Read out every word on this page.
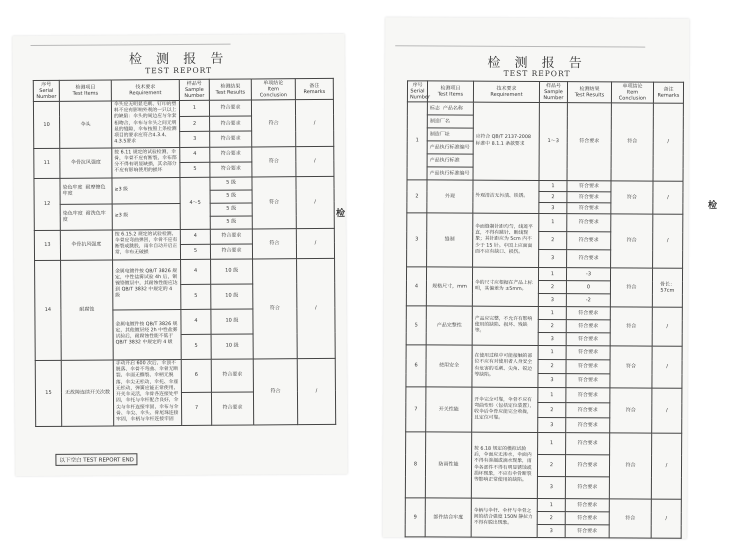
检 测 报 告
TEST REPORT
序号
Serial
Number	检测项目
Test Items	技术要求
Requirement	样品号
Sample
Number	检测结果
Test Results	单项结论
Item
Conclusion	备注
Remarks
10	伞头	伞头应无明显毛刺、钉印的塑料不应有影响外观的一只以上的缺陷：伞头的周边应与伞套相吻合，伞布与伞头之间无明显的缝隙，伞布按照上条检测项目的要求应符合4.3.4、4.3.5要求	1	符合要求	符合	/
			2	符合要求		
			3	符合要求		
11	伞骨抗风强度	按 6.11 规定的试验检测，伞骨，伞骨不应有断裂，伞布部分不得有明显缺损，其余部分不应有影响使用的损坏	4	符合要求	符合	/
			5	符合要求		
12	染色牢度 耐摩擦色牢度	≥3 级	4～5	5 级	符合	/
				5 级		
	染色牢度 耐洗色牢度	≥3 级		5 级		
				5 级		
13	伞骨抗风强度	按 6.15.2 规定的试验检测，伞骨应弯曲弹回，伞骨不应有断裂或跳股，雨伞自动开启正常，伞布无破损	4	符合要求	符合	/
			5	符合要求		
14	耐腐蚀	金属电镀件按 QB/T 3826 规定，中性盐雾试验 4h 后，铜镍铬镀层中，其耐蚀性能应达到 QB/T 3832 中规定的 4 级	4	10 级	符合	/
			5	10 级		
		金属电镀件按 QB/T 3826 规定，其他镀层经 2h 中性盐雾试验后，耐腐蚀性能不低于 QB/T 3832 中规定的 4 级	4	10 级		
			5	10 级		
15	无故障连续开关次数	手动开启 600 次后，伞顶不脱落、伞骨不弯曲、伞骨无断裂、伞面无撕裂、伞柄无脱落，伞尖无松动，伞托、伞座无松动，弹簧应能正常使用，开关伞灵活，伞骨各连接处牢固，伞托与伞杆配合良好，伞尖与伞杆连接牢固，伞布与伞骨、伞尖、伞头、骨尾珠连接牢固，伞柄与伞杆连接牢固	6	符合要求	符合	/
			7	符合要求		
以下空白 TEST REPORT END
检 测 报 告
TEST REPORT
序号
Serial
Number	检测项目
Test Items	技术要求
Requirement	样品号
Sample
Number	检测结果
Test Results	单项结论
Item
Conclusion	备注
Remarks
1	标志 产品名称	应符合 QB/T 2137-2008 标准中 8.1.1 条款要求	1～3	符合要求	符合	/
	制造厂名					
	制造厂址					
	产品执行标准编号					
	产品执行标准					
	产品执行标准编号					
2	外观	外观清洁无污渍、铁锈。	1	符合要求	符合	/
			2	符合要求		
			3	符合要求		
3	缝制	伞面缝制针距均匀，线迹平直，不得有跳针、断线现象；其针距应为 5cm 内不少于 15 针。中国上应面面面不应有缺口、损伤。	1	符合要求	符合	/
			2	符合要求		
			3	符合要求		
4	规格尺寸，mm	伞的尺寸应根据在产品上标明，其偏差为 ±5mm。	1	-3	符合	骨长：57cm
			2	0		
			3	-2		
5	产品完整性	产品应完整，不允许有影响使用的缺陷、损坏、残缺等。	1	符合要求	符合	/
			2	符合要求		
			3	符合要求		
6	使用安全	在使用过程中可能接触的部位不应有对使用者人身安全有危害的毛刺、尖角、锐边等缺陷。	1	符合要求	符合	/
			2	符合要求		
			3	符合要求		
7	开关性能	开伞完全可靠，伞骨不应有弯曲变形（包括定位装置），收伞后伞骨应能完全收拢，且定位可靠。	1	符合要求	符合	/
			2	符合要求		
			3	符合要求		
8	防雨性能	按 6.18 规定的模拟试验后，伞面应无渗水，伞面内不得有渗漏或滴水现象，雨伞各部件不得有明显锈蚀或损坏现象，不应有伞骨断裂等影响正常使用的缺陷。	1	符合要求	符合	/
			2	符合要求		
			3	符合要求		
9	部件结合牢度	伞柄与伞杆、伞杆与伞骨之间的结合强度 150N 静拉力不得有脱出现象。	1	符合要求	符合	/
			2	符合要求		
			3	符合要求		
检
检
